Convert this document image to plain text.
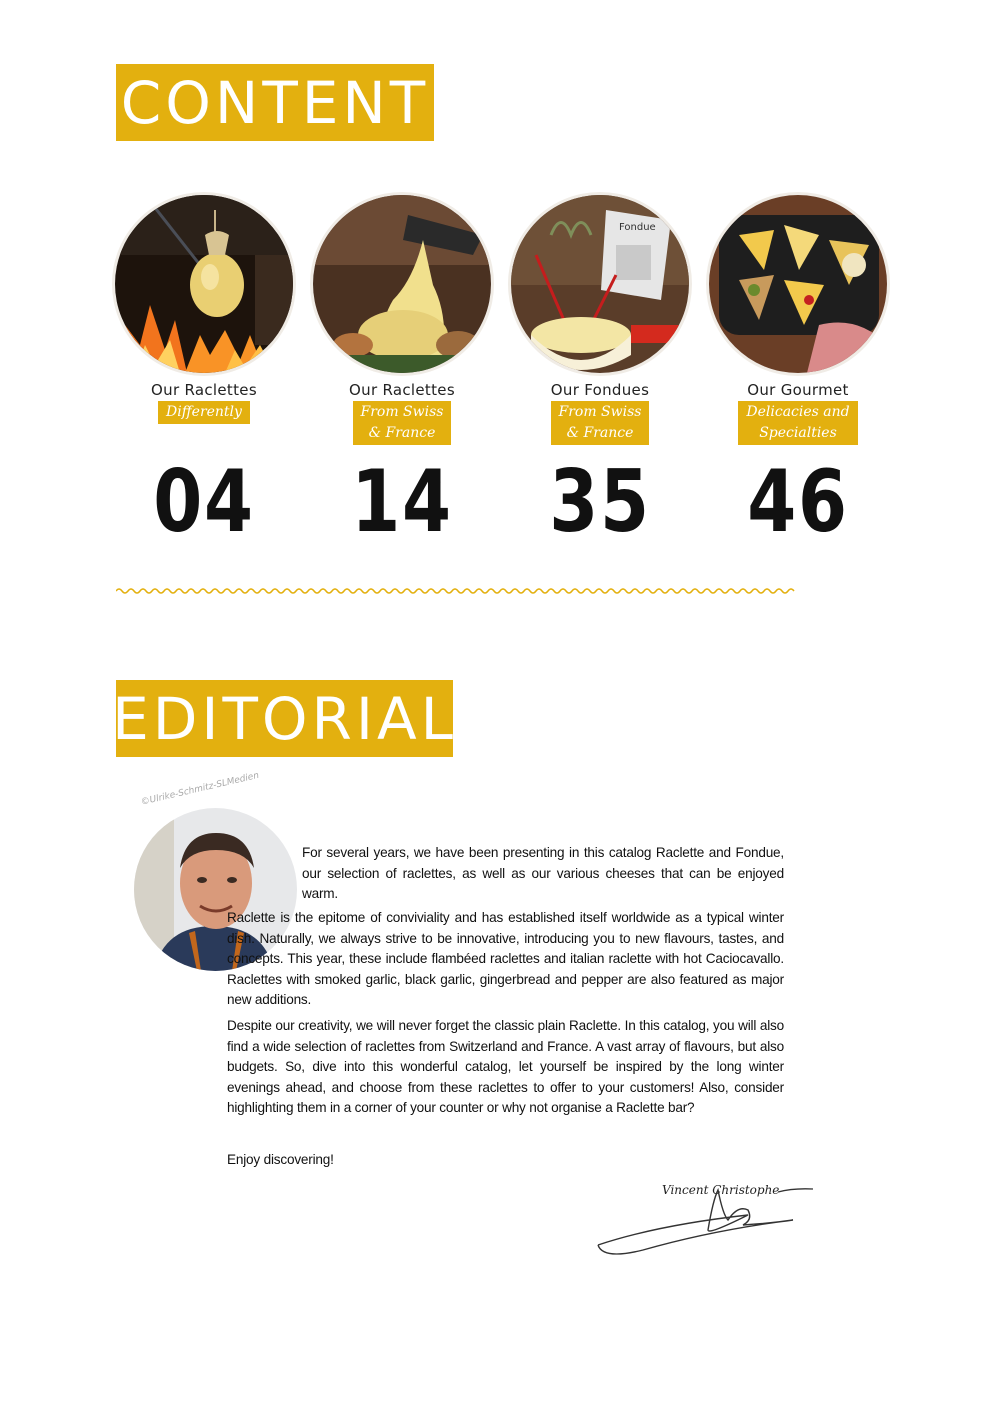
CONTENT
Our Raclettes
Differently
04
Our Raclettes
From Swiss
& France
14
Fondue
Our Fondues
From Swiss
& France
35
Our Gourmet
Delicacies and
Specialties
46
EDITORIAL
©Ulrike-Schmitz-SLMedien
For several years, we have been presenting in this catalog Raclette and Fondue, our selection of raclettes, as well as our various cheeses that can be enjoyed warm.
Raclette is the epitome of conviviality and has established itself worldwide as a typical winter dish. Naturally, we always strive to be innovative, introducing you to new flavours, tastes, and concepts. This year, these include flambéed raclettes and italian raclette with hot Caciocavallo. Raclettes with smoked garlic, black garlic, gingerbread and pepper are also featured as major new additions.
Despite our creativity, we will never forget the classic plain Raclette. In this catalog, you will also find a wide selection of raclettes from Switzerland and France. A vast array of flavours, but also budgets. So, dive into this wonderful catalog, let yourself be inspired by the long winter evenings ahead, and choose from these raclettes to offer to your customers! Also, consider highlighting them in a corner of your counter or why not organise a Raclette bar?
Enjoy discovering!
Vincent Christophe
